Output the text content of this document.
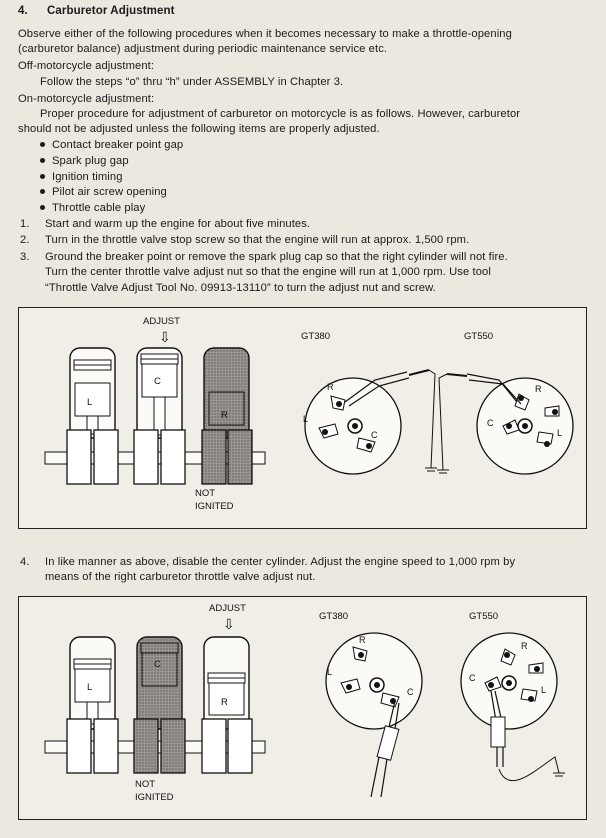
4. Carburetor Adjustment
Observe either of the following procedures when it becomes necessary to make a throttle-opening
(carburetor balance) adjustment during periodic maintenance service etc.
Off-motorcycle adjustment:
Follow the steps “o” thru “h” under ASSEMBLY in Chapter 3.
On-motorcycle adjustment:
Proper procedure for adjustment of carburetor on motorcycle is as follows. However, carburetor
should not be adjusted unless the following items are properly adjusted.
Contact breaker point gap
Spark plug gap
Ignition timing
Pilot air screw opening
Throttle cable play
1. Start and warm up the engine for about five minutes.
2. Turn in the throttle valve stop screw so that the engine will run at approx. 1,500 rpm.
3. Ground the breaker point or remove the spark plug cap so that the right cylinder will not fire.
Turn the center throttle valve adjust nut so that the engine will run at 1,000 rpm. Use tool
“Throttle Valve Adjust Tool No. 09913-13110” to turn the adjust nut and screw.
ADJUST
⇩
L
C
R
NOT
IGNITED
GT380
R
L
C
GT550
R
C
L
4. In like manner as above, disable the center cylinder. Adjust the engine speed to 1,000 rpm by
means of the right carburetor throttle valve adjust nut.
ADJUST
⇩
L
C
R
NOT
IGNITED
GT380
R
L
C
GT550
R
C
L
